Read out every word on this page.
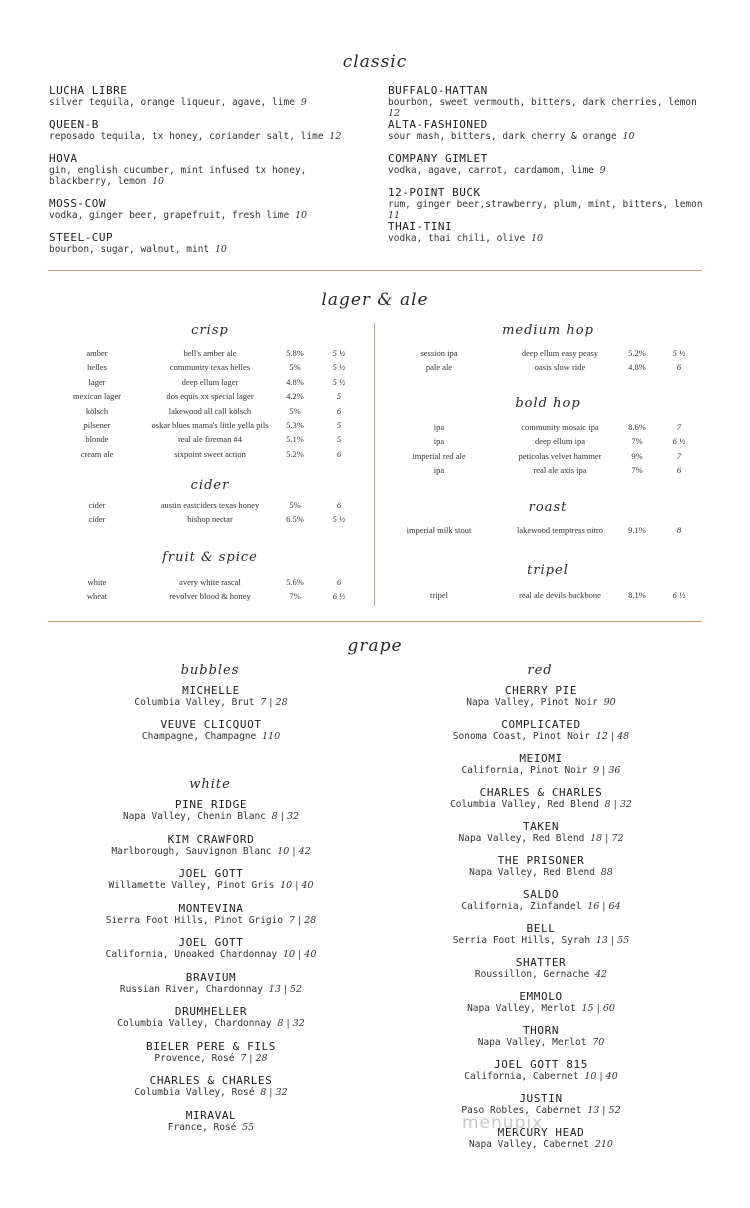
classic
LUCHA LIBRE
silver tequila, orange liqueur, agave, lime 9
QUEEN-B
reposado tequila, tx honey, coriander salt, lime 12
HOVA
gin, english cucumber, mint infused tx honey, blackberry, lemon 10
MOSS-COW
vodka, ginger beer, grapefruit, fresh lime 10
STEEL-CUP
bourbon, sugar, walnut, mint 10
BUFFALO-HATTAN
bourbon, sweet vermouth, bitters, dark cherries, lemon 12
ALTA-FASHIONED
sour mash, bitters, dark cherry & orange 10
COMPANY GIMLET
vodka, agave, carrot, cardamom, lime 9
12-POINT BUCK
rum, ginger beer,strawberry, plum, mint, bitters, lemon 11
THAI-TINI
vodka, thai chili, olive 10
lager & ale
crisp
cider
fruit & spice
medium hop
bold hop
roast
tripel
amber	bell's amber ale	5.8%	5 ½
helles	community texas helles	5%	5 ½
lager	deep ellum lager	4.8%	5 ½
mexican lager	dos equis xx special lager	4.2%	5
kölsch	lakewood all call kölsch	5%	6
pilsener	oskar blues mama's little yella pils	5.3%	5
blonde	real ale fireman #4	5.1%	5
cream ale	sixpoint sweet action	5.2%	6
cider	austin eastciders texas honey	5%	6
cider	bishop nectar	6.5%	5 ½
white	avery white rascal	5.6%	6
wheat	revolver blood & honey	7%	6 ½
session ipa	deep ellum easy peasy	5.2%	5 ½
pale ale	oasis slow ride	4.8%	6
ipa	community mosaic ipa	8.6%	7
ipa	deep ellum ipa	7%	6 ½
imperial red ale	peticolas velvet hammer	9%	7
ipa	real ale axis ipa	7%	6
imperial milk stout	lakewood temptress nitro	9.1%	8
tripel	real ale devils backbone	8.1%	6 ½
grape
bubbles	red
white
MICHELLE
Columbia Valley, Brut 7 | 28
VEUVE CLICQUOT
Champagne, Champagne 110
PINE RIDGE
Napa Valley, Chenin Blanc 8 | 32
KIM CRAWFORD
Marlborough, Sauvignon Blanc 10 | 42
JOEL GOTT
Willamette Valley, Pinot Gris 10 | 40
MONTEVINA
Sierra Foot Hills, Pinot Grigio 7 | 28
JOEL GOTT
California, Unoaked Chardonnay 10 | 40
BRAVIUM
Russian River, Chardonnay 13 | 52
DRUMHELLER
Columbia Valley, Chardonnay 8 | 32
BIELER PERE & FILS
Provence, Rosé 7 | 28
CHARLES & CHARLES
Columbia Valley, Rosé 8 | 32
MIRAVAL
France, Rosé 55
CHERRY PIE
Napa Valley, Pinot Noir 90
COMPLICATED
Sonoma Coast, Pinot Noir 12 | 48
MEIOMI
California, Pinot Noir 9 | 36
CHARLES & CHARLES
Columbia Valley, Red Blend 8 | 32
TAKEN
Napa Valley, Red Blend 18 | 72
THE PRISONER
Napa Valley, Red Blend 88
SALDO
California, Zinfandel 16 | 64
BELL
Serria Foot Hills, Syrah 13 | 55
SHATTER
Roussillon, Gernache 42
EMMOLO
Napa Valley, Merlot 15 | 60
THORN
Napa Valley, Merlot 70
JOEL GOTT 815
California, Cabernet 10 | 40
JUSTIN
Paso Robles, Cabernet 13 | 52
MERCURY HEAD
Napa Valley, Cabernet 210
menupix
